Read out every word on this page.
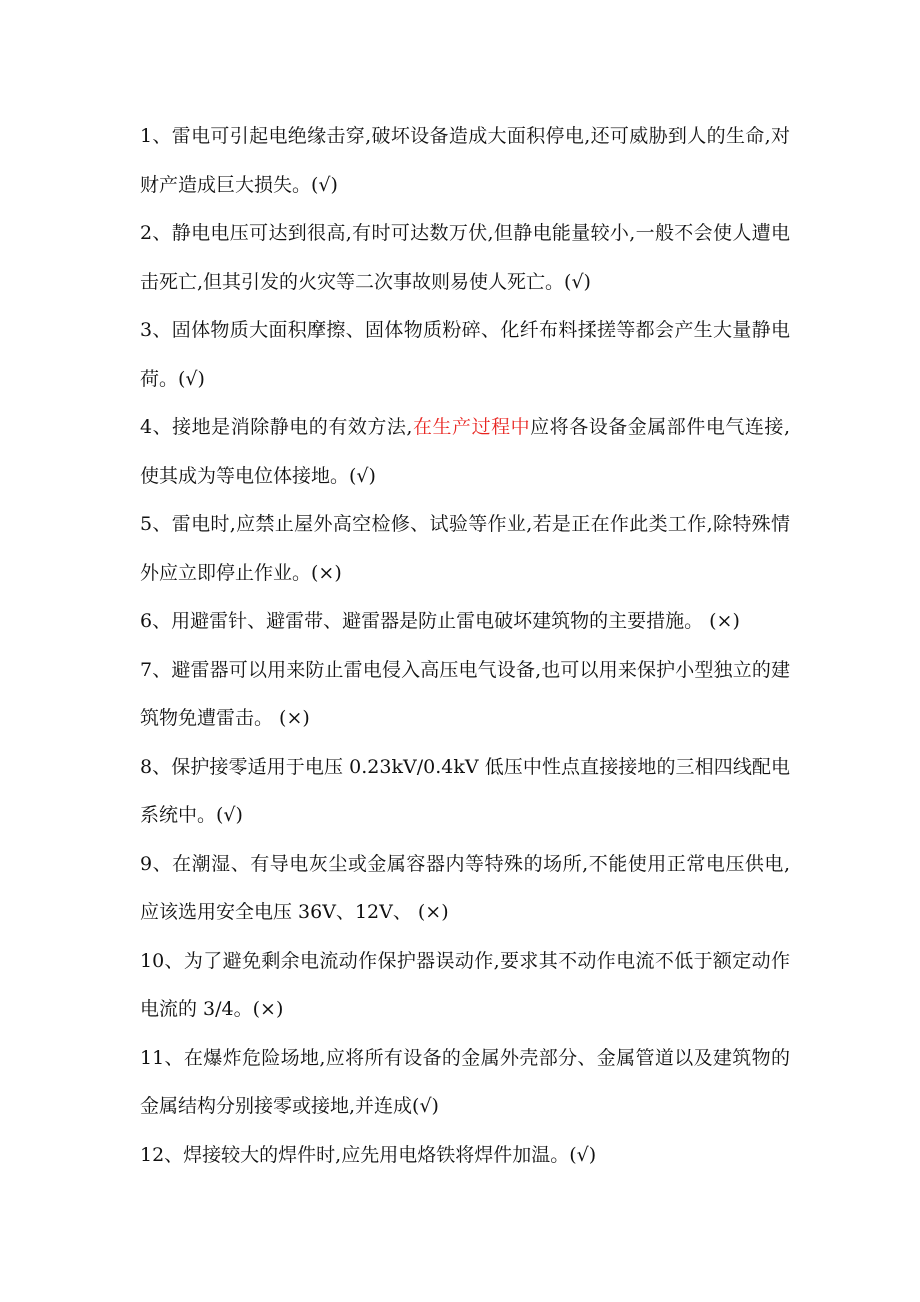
1、雷电可引起电绝缘击穿,破坏设备造成大面积停电,还可威胁到人的生命,对财产造成巨大损失。(√)

2、静电电压可达到很高,有时可达数万伏,但静电能量较小,一般不会使人遭电击死亡,但其引发的火灾等二次事故则易使人死亡。(√)

3、固体物质大面积摩擦、固体物质粉碎、化纤布料揉搓等都会产生大量静电荷。(√)

4、接地是消除静电的有效方法,在生产过程中应将各设备金属部件电气连接,使其成为等电位体接地。(√)

5、雷电时,应禁止屋外高空检修、试验等作业,若是正在作此类工作,除特殊情外应立即停止作业。(×)

6、用避雷针、避雷带、避雷器是防止雷电破坏建筑物的主要措施。 (×)

7、避雷器可以用来防止雷电侵入高压电气设备,也可以用来保护小型独立的建筑物免遭雷击。 (×)

8、保护接零适用于电压 0.23kV/0.4kV 低压中性点直接接地的三相四线配电系统中。(√)

9、在潮湿、有导电灰尘或金属容器内等特殊的场所,不能使用正常电压供电,应该选用安全电压 36V、12V、 (×)

10、为了避免剩余电流动作保护器误动作,要求其不动作电流不低于额定动作电流的 3/4。(×)

11、在爆炸危险场地,应将所有设备的金属外壳部分、金属管道以及建筑物的金属结构分别接零或接地,并连成(√)

12、焊接较大的焊件时,应先用电烙铁将焊件加温。(√)
